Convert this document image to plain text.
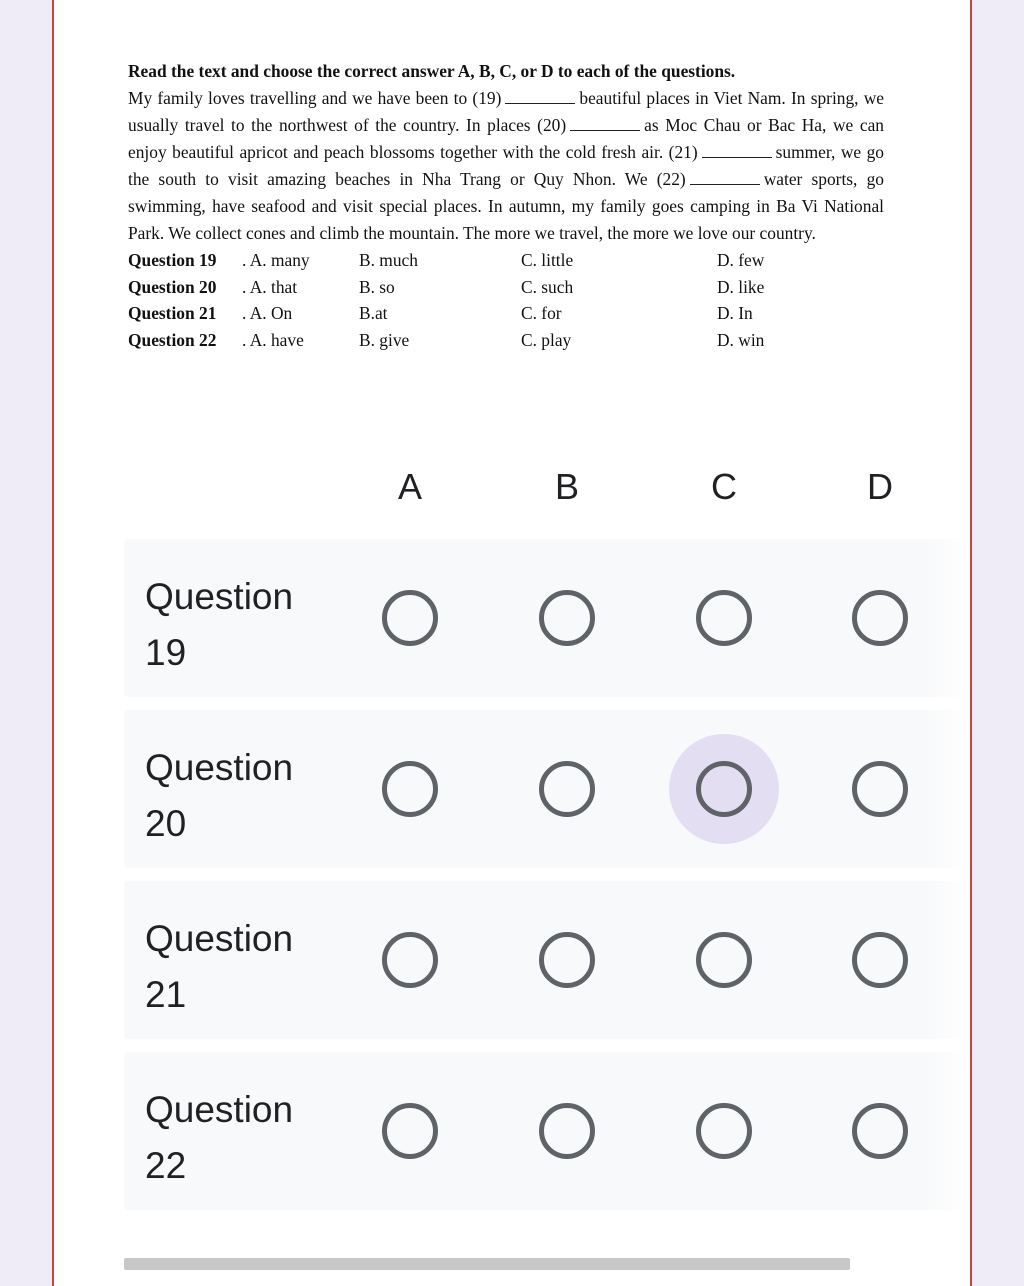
Read the text and choose the correct answer A, B, C, or D to each of the questions.

My family loves travelling and we have been to (19)	beautiful places in Viet Nam. In spring, we usually travel to the northwest of the country. In places (20)	as Moc Chau or Bac Ha, we can enjoy beautiful apricot and peach blossoms together with the cold fresh air. (21)	summer, we go the south to visit amazing beaches in Nha Trang or Quy Nhon. We (22)	water sports, go swimming, have seafood and visit special places. In autumn, my family goes camping in Ba Vi National Park. We collect cones and climb the mountain. The more we travel, the more we love our country.

Question 19 . A. many	B. much	C. little	D. few
Question 20 . A. that	B. so	C. such	D. like
Question 21 . A. On	B.at	C. for	D. In
Question 22 . A. have	B. give	C. play	D. win
A	B	C	D
Question
19
Question
20
Question
21
Question
22
